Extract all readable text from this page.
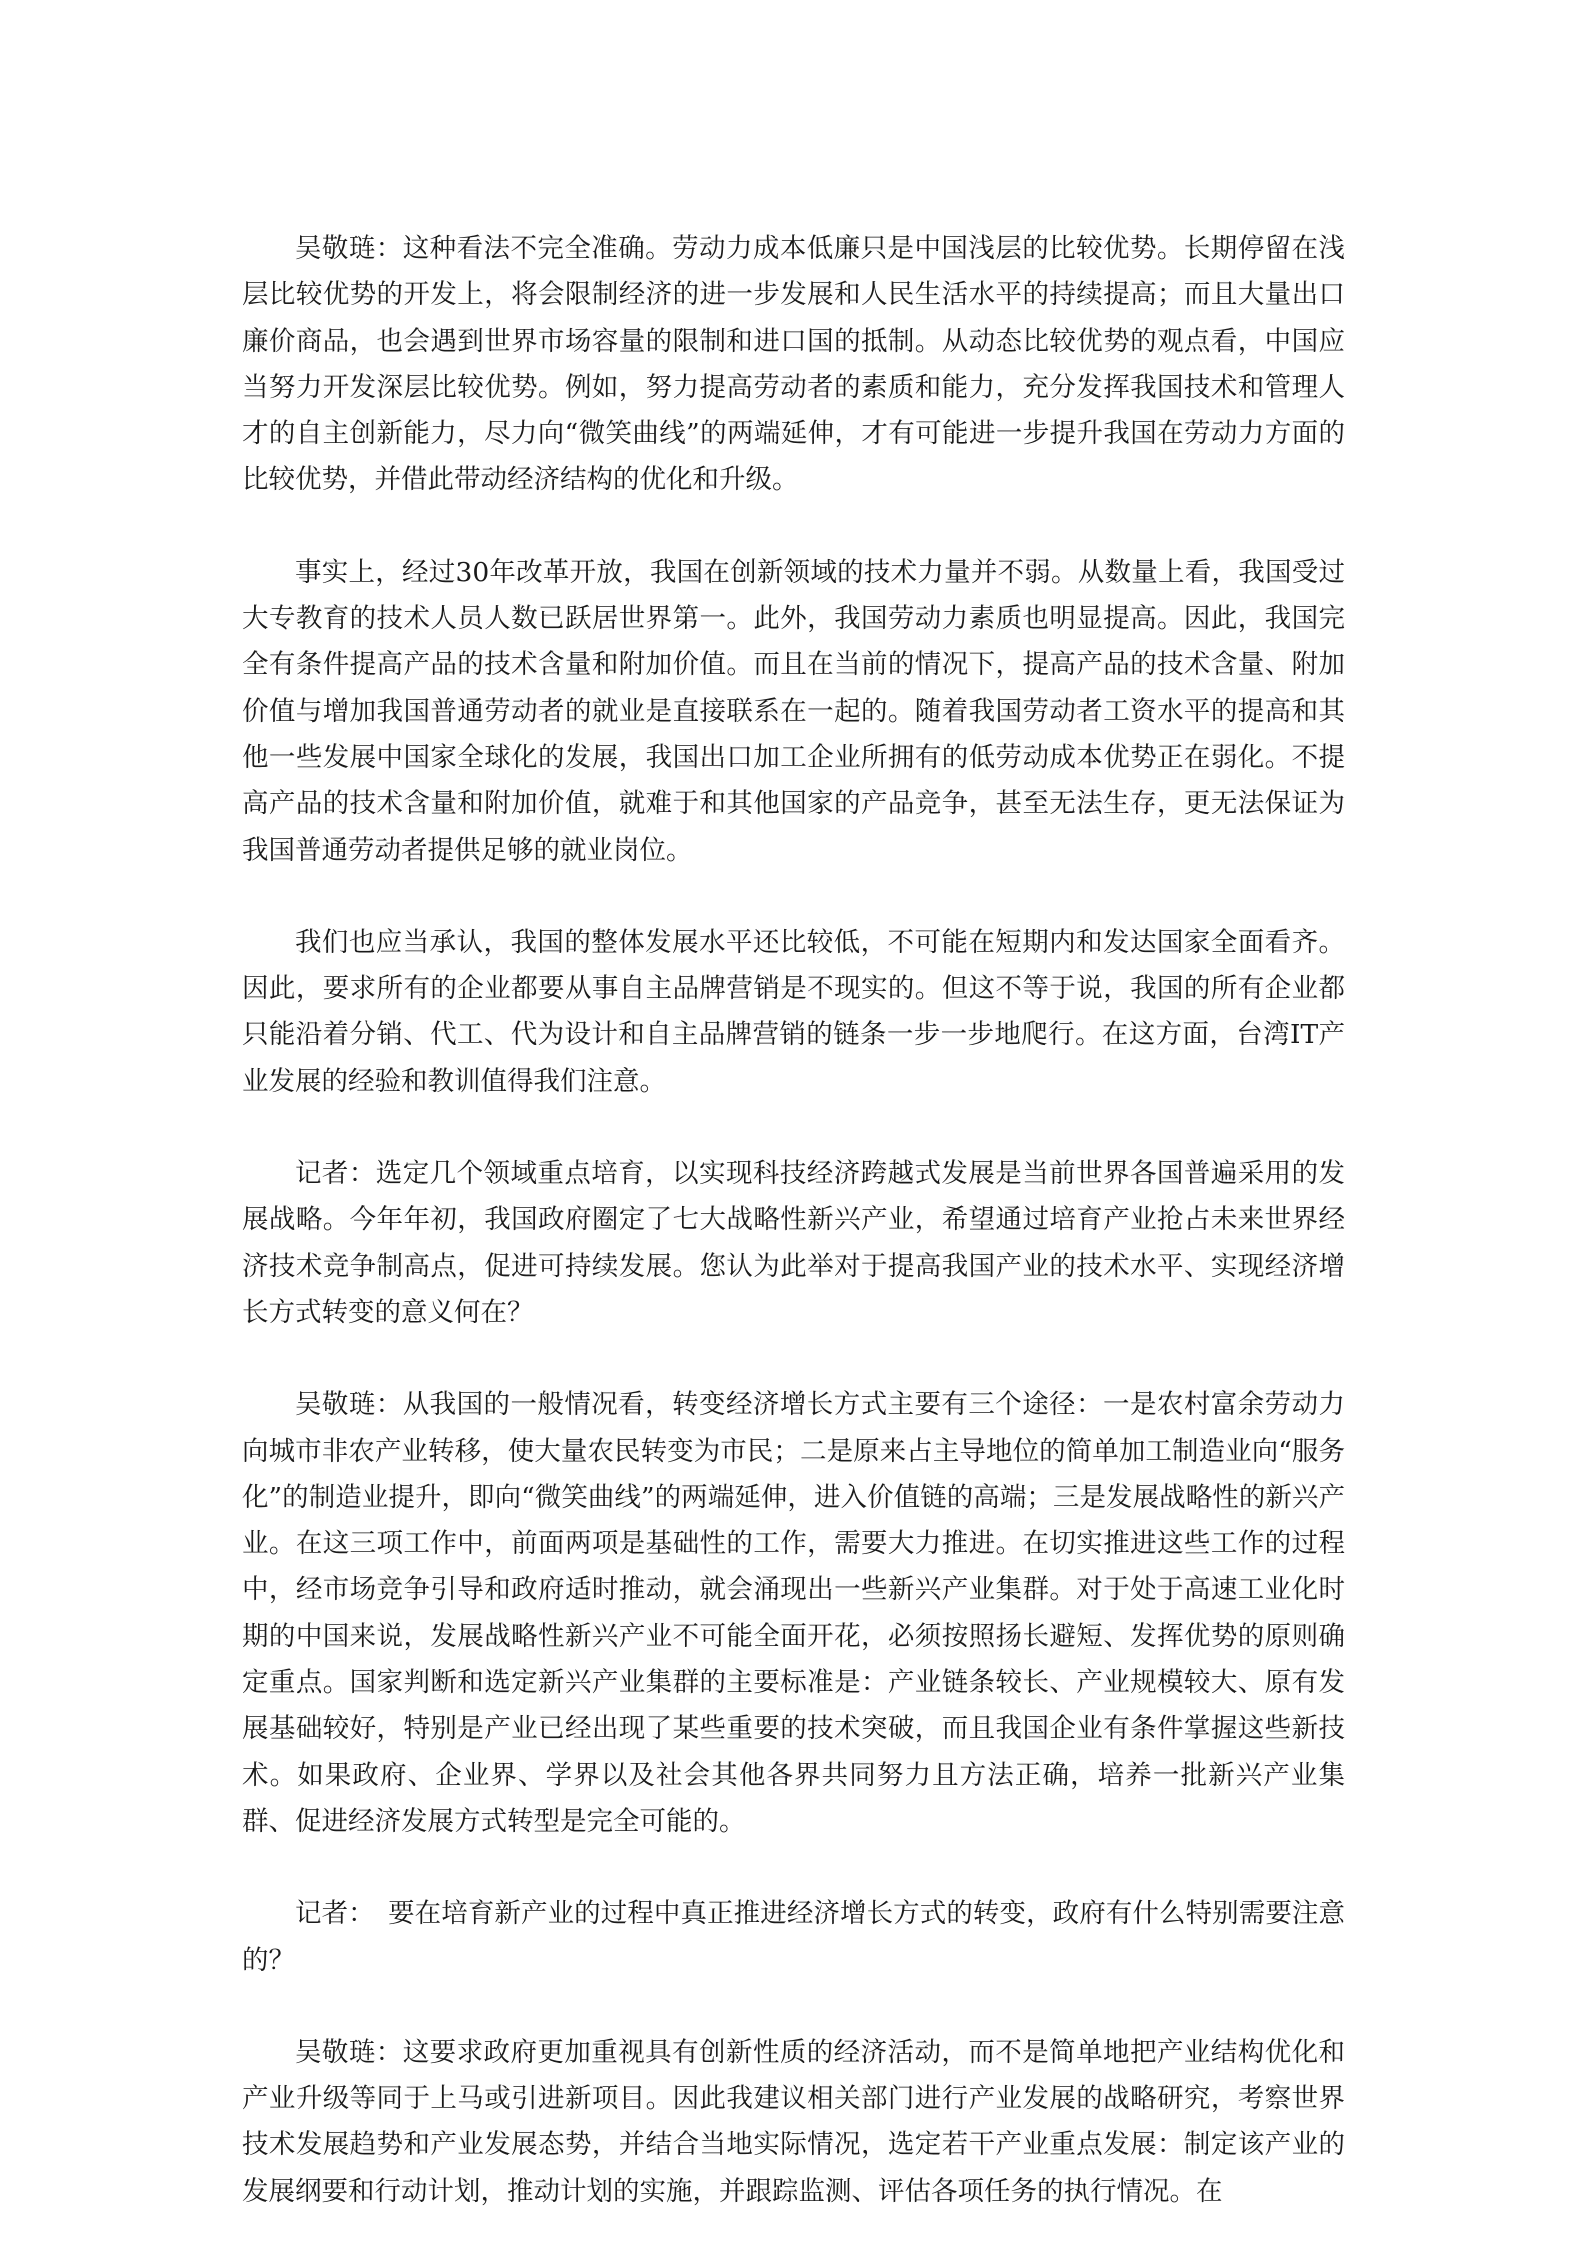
吴敬琏：这种看法不完全准确。劳动力成本低廉只是中国浅层的比较优势。长期停留在浅层比较优势的开发上，将会限制经济的进一步发展和人民生活水平的持续提高；而且大量出口廉价商品，也会遇到世界市场容量的限制和进口国的抵制。从动态比较优势的观点看，中国应当努力开发深层比较优势。例如，努力提高劳动者的素质和能力，充分发挥我国技术和管理人才的自主创新能力，尽力向“微笑曲线”的两端延伸，才有可能进一步提升我国在劳动力方面的比较优势，并借此带动经济结构的优化和升级。

事实上，经过30年改革开放，我国在创新领域的技术力量并不弱。从数量上看，我国受过大专教育的技术人员人数已跃居世界第一。此外，我国劳动力素质也明显提高。因此，我国完全有条件提高产品的技术含量和附加价值。而且在当前的情况下，提高产品的技术含量、附加价值与增加我国普通劳动者的就业是直接联系在一起的。随着我国劳动者工资水平的提高和其他一些发展中国家全球化的发展，我国出口加工企业所拥有的低劳动成本优势正在弱化。不提高产品的技术含量和附加价值，就难于和其他国家的产品竞争，甚至无法生存，更无法保证为我国普通劳动者提供足够的就业岗位。

我们也应当承认，我国的整体发展水平还比较低，不可能在短期内和发达国家全面看齐。因此，要求所有的企业都要从事自主品牌营销是不现实的。但这不等于说，我国的所有企业都只能沿着分销、代工、代为设计和自主品牌营销的链条一步一步地爬行。在这方面，台湾IT产业发展的经验和教训值得我们注意。

记者：选定几个领域重点培育，以实现科技经济跨越式发展是当前世界各国普遍采用的发展战略。今年年初，我国政府圈定了七大战略性新兴产业，希望通过培育产业抢占未来世界经济技术竞争制高点，促进可持续发展。您认为此举对于提高我国产业的技术水平、实现经济增长方式转变的意义何在？

吴敬琏：从我国的一般情况看，转变经济增长方式主要有三个途径：一是农村富余劳动力向城市非农产业转移，使大量农民转变为市民；二是原来占主导地位的简单加工制造业向“服务化”的制造业提升，即向“微笑曲线”的两端延伸，进入价值链的高端；三是发展战略性的新兴产业。在这三项工作中，前面两项是基础性的工作，需要大力推进。在切实推进这些工作的过程中，经市场竞争引导和政府适时推动，就会涌现出一些新兴产业集群。对于处于高速工业化时期的中国来说，发展战略性新兴产业不可能全面开花，必须按照扬长避短、发挥优势的原则确定重点。国家判断和选定新兴产业集群的主要标准是：产业链条较长、产业规模较大、原有发展基础较好，特别是产业已经出现了某些重要的技术突破，而且我国企业有条件掌握这些新技术。如果政府、企业界、学界以及社会其他各界共同努力且方法正确，培养一批新兴产业集群、促进经济发展方式转型是完全可能的。

记者：　要在培育新产业的过程中真正推进经济增长方式的转变，政府有什么特别需要注意的？

吴敬琏：这要求政府更加重视具有创新性质的经济活动，而不是简单地把产业结构优化和产业升级等同于上马或引进新项目。因此我建议相关部门进行产业发展的战略研究，考察世界技术发展趋势和产业发展态势，并结合当地实际情况，选定若干产业重点发展：制定该产业的发展纲要和行动计划，推动计划的实施，并跟踪监测、评估各项任务的执行情况。在
